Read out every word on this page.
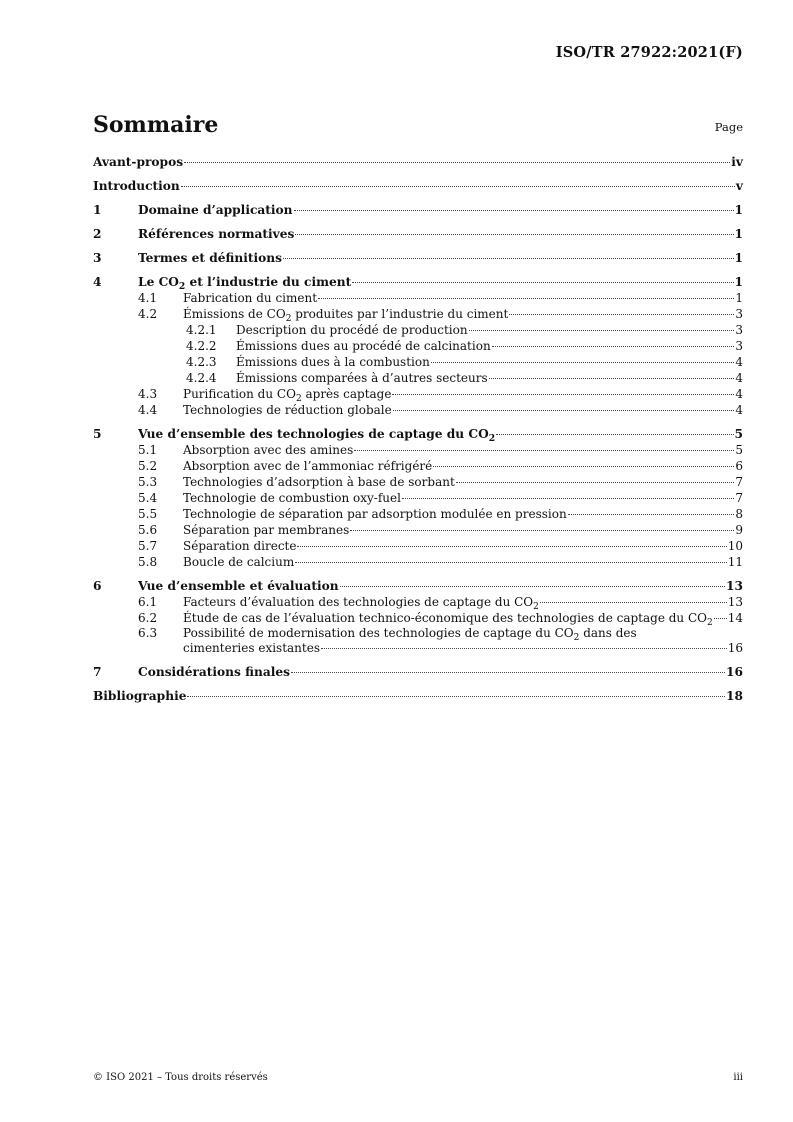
ISO/TR 27922:2021(F)
Sommaire	Page
Avant-propos	iv
Introduction	v
1	Domaine d’application	1
2	Références normatives	1
3	Termes et définitions	1
4	Le $CO_2$ et l’industrie du ciment	1
4.1	Fabrication du ciment	1
4.2	Émissions de $CO_2$ produites par l’industrie du ciment	3
4.2.1	Description du procédé de production	3
4.2.2	Émissions dues au procédé de calcination	3
4.2.3	Émissions dues à la combustion	4
4.2.4	Émissions comparées à d’autres secteurs	4
4.3	Purification du $CO_2$ après captage	4
4.4	Technologies de réduction globale	4
5	Vue d’ensemble des technologies de captage du $CO_2$	5
5.1	Absorption avec des amines	5
5.2	Absorption avec de l’ammoniac réfrigéré	6
5.3	Technologies d’adsorption à base de sorbant	7
5.4	Technologie de combustion oxy-fuel	7
5.5	Technologie de séparation par adsorption modulée en pression	8
5.6	Séparation par membranes	9
5.7	Séparation directe	10
5.8	Boucle de calcium	11
6	Vue d’ensemble et évaluation	13
6.1	Facteurs d’évaluation des technologies de captage du $CO_2$	13
6.2	Étude de cas de l’évaluation technico-économique des technologies de captage du $CO_2$ 14
6.3	Possibilité de modernisation des technologies de captage du $CO_2$ dans des
cimenteries existantes	16
7	Considérations finales	16
Bibliographie	18
© ISO 2021 – Tous droits réservés	iii
